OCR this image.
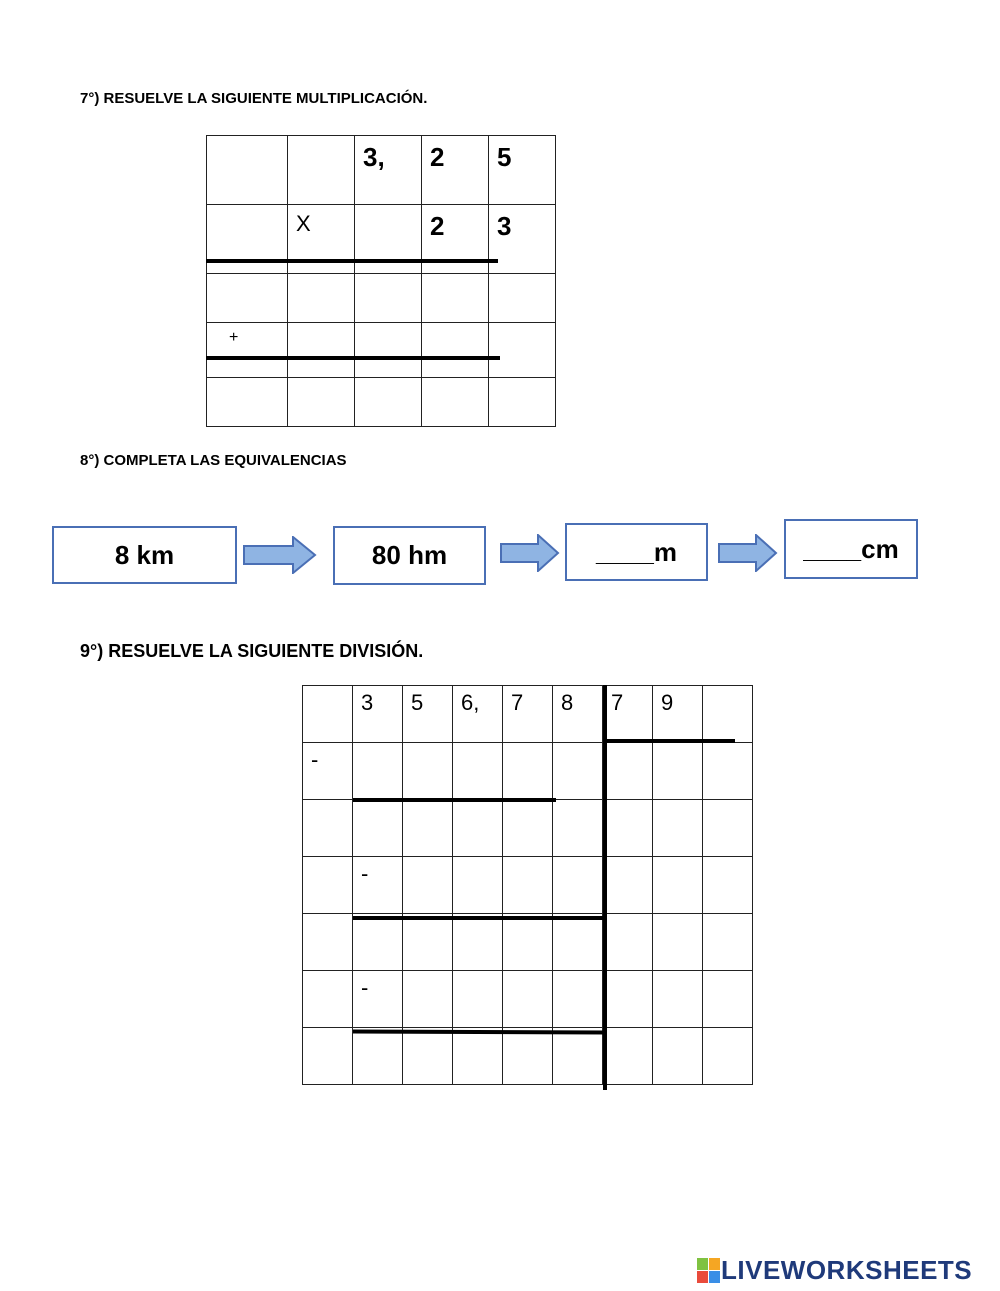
7°) RESUELVE LA SIGUIENTE MULTIPLICACIÓN.
		3,	2	5
	X		2	3

+				

8°) COMPLETA LAS EQUIVALENCIAS
8 km	80 hm	____m	____cm
9°) RESUELVE LA SIGUIENTE DIVISIÓN.
	3	5	6,	7	8	7	9	
-								

	-							

	-							

LIVEWORKSHEETS
